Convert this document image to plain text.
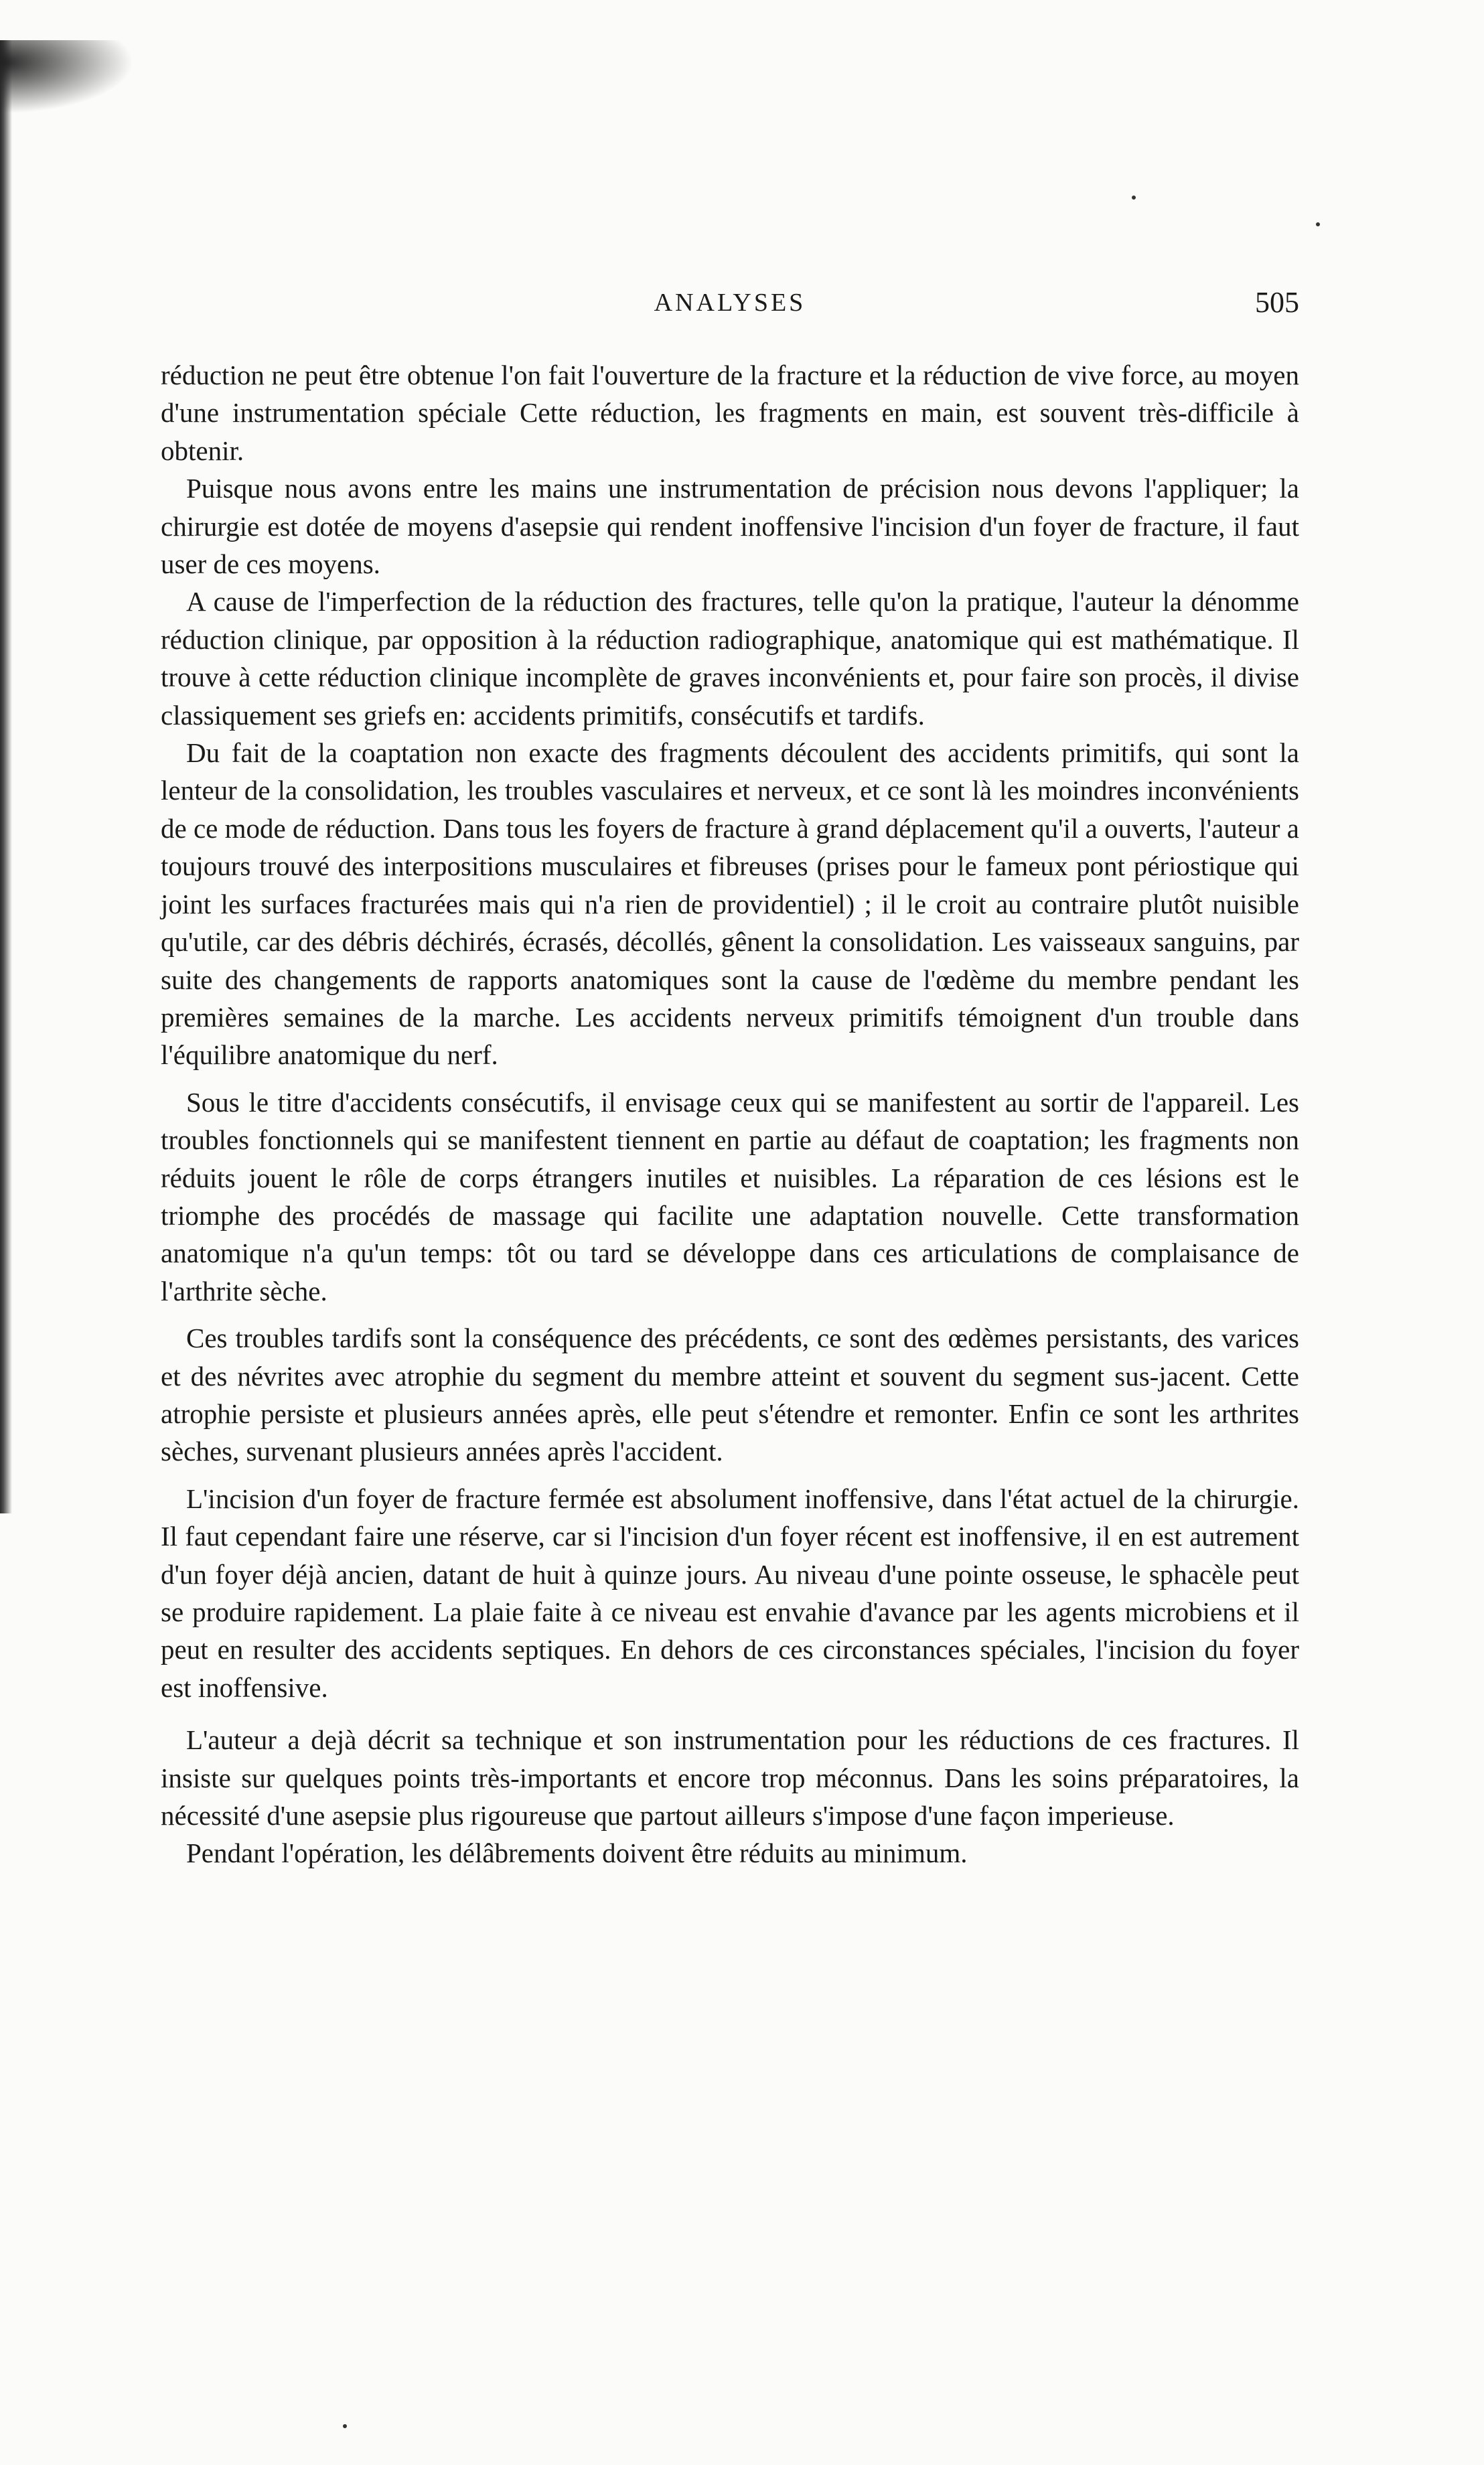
ANALYSES	505

réduction ne peut être obtenue l'on fait l'ouverture de la fracture et la réduction de vive force, au moyen d'une instrumentation spéciale Cette réduction, les fragments en main, est souvent très-difficile à obtenir.

Puisque nous avons entre les mains une instrumentation de précision nous devons l'appliquer; la chirurgie est dotée de moyens d'asepsie qui rendent inoffensive l'incision d'un foyer de fracture, il faut user de ces moyens.

A cause de l'imperfection de la réduction des fractures, telle qu'on la pratique, l'auteur la dénomme réduction clinique, par opposition à la réduction radiographique, anatomique qui est mathématique. Il trouve à cette réduction clinique incomplète de graves inconvénients et, pour faire son procès, il divise classiquement ses griefs en: accidents primitifs, consécutifs et tardifs.

Du fait de la coaptation non exacte des fragments découlent des accidents primitifs, qui sont la lenteur de la consolidation, les troubles vasculaires et nerveux, et ce sont là les moindres inconvénients de ce mode de réduction. Dans tous les foyers de fracture à grand déplacement qu'il a ouverts, l'auteur a toujours trouvé des interpositions musculaires et fibreuses (prises pour le fameux pont périostique qui joint les surfaces fracturées mais qui n'a rien de providentiel) ; il le croit au contraire plutôt nuisible qu'utile, car des débris déchirés, écrasés, décollés, gênent la consolidation. Les vaisseaux sanguins, par suite des changements de rapports anatomiques sont la cause de l'œdème du membre pendant les premières semaines de la marche. Les accidents nerveux primitifs témoignent d'un trouble dans l'équilibre anatomique du nerf.

Sous le titre d'accidents consécutifs, il envisage ceux qui se manifestent au sortir de l'appareil. Les troubles fonctionnels qui se manifestent tiennent en partie au défaut de coaptation; les fragments non réduits jouent le rôle de corps étrangers inutiles et nuisibles. La réparation de ces lésions est le triomphe des procédés de massage qui facilite une adaptation nouvelle. Cette transformation anatomique n'a qu'un temps: tôt ou tard se développe dans ces articulations de complaisance de l'arthrite sèche.

Ces troubles tardifs sont la conséquence des précédents, ce sont des œdèmes persistants, des varices et des névrites avec atrophie du segment du membre atteint et souvent du segment sus-jacent. Cette atrophie persiste et plusieurs années après, elle peut s'étendre et remonter. Enfin ce sont les arthrites sèches, survenant plusieurs années après l'accident.

L'incision d'un foyer de fracture fermée est absolument inoffensive, dans l'état actuel de la chirurgie. Il faut cependant faire une réserve, car si l'incision d'un foyer récent est inoffensive, il en est autrement d'un foyer déjà ancien, datant de huit à quinze jours. Au niveau d'une pointe osseuse, le sphacèle peut se produire rapidement. La plaie faite à ce niveau est envahie d'avance par les agents microbiens et il peut en resulter des accidents septiques. En dehors de ces circonstances spéciales, l'incision du foyer est inoffensive.

L'auteur a dejà décrit sa technique et son instrumentation pour les réductions de ces fractures. Il insiste sur quelques points très-importants et encore trop méconnus. Dans les soins préparatoires, la nécessité d'une asepsie plus rigoureuse que partout ailleurs s'impose d'une façon imperieuse.

Pendant l'opération, les délâbrements doivent être réduits au minimum.
